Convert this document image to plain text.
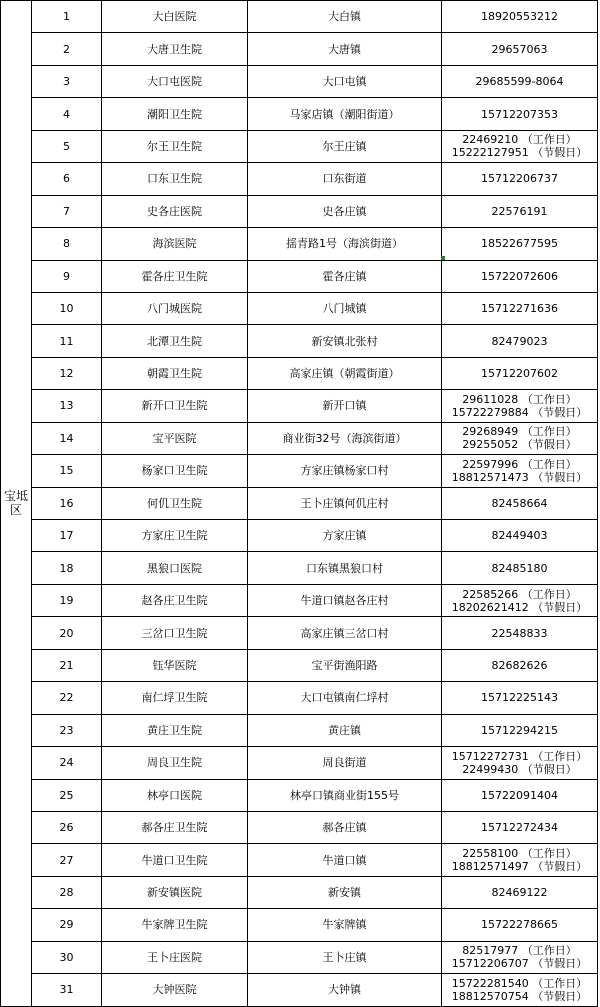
宝坻区	1	大白医院	大白镇	18920553212

	2	大唐卫生院	大唐镇	29657063

	3	大口屯医院	大口屯镇	29685599-8064

	4	潮阳卫生院	马家店镇（潮阳街道）	15712207353

	5	尔王卫生院	尔王庄镇	22469210 （工作日）
15222127951 （节假日）

	6	口东卫生院	口东街道	15712206737

	7	史各庄医院	史各庄镇	22576191

	8	海滨医院	揺青路1号（海滨街道）	18522677595

	9	霍各庄卫生院	霍各庄镇	15722072606

	10	八门城医院	八门城镇	15712271636

	11	北潭卫生院	新安镇北张村	82479023

	12	朝霞卫生院	高家庄镇（朝霞街道）	15712207602

	13	新开口卫生院	新开口镇	29611028 （工作日）
15722279884 （节假日）

	14	宝平医院	商业街32号（海滨街道）	29268949 （工作日）
29255052 （节假日）

	15	杨家口卫生院	方家庄镇杨家口村	22597996 （工作日）
18812571473 （节假日）

	16	何仉卫生院	王卜庄镇何仉庄村	82458664

	17	方家庄卫生院	方家庄镇	82449403

	18	黑狼口医院	口东镇黑狼口村	82485180

	19	赵各庄卫生院	牛道口镇赵各庄村	22585266 （工作日）
18202621412 （节假日）

	20	三岔口卫生院	高家庄镇三岔口村	22548833

	21	钰华医院	宝平街渔阳路	82682626

	22	南仁垺卫生院	大口屯镇南仁垺村	15712225143

	23	黄庄卫生院	黄庄镇	15712294215

	24	周良卫生院	周良街道	15712272731 （工作日）
22499430 （节假日）

	25	林亭口医院	林亭口镇商业街155号	15722091404

	26	郝各庄卫生院	郝各庄镇	15712272434

	27	牛道口卫生院	牛道口镇	22558100 （工作日）
18812571497 （节假日）

	28	新安镇医院	新安镇	82469122

	29	牛家牌卫生院	牛家牌镇	15722278665

	30	王卜庄医院	王卜庄镇	82517977 （工作日）
15712206707 （节假日）

	31	大钟医院	大钟镇	15722281540 （工作日）
18812570754 （节假日）
